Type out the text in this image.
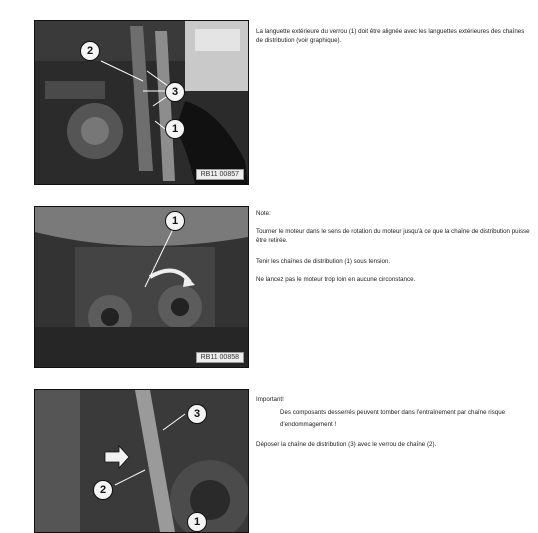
2
3
1
RB11 00857

La languette extérieure du verrou (1) doit être alignée avec les languettes extérieures des chaînes de distribution (voir graphique).

1
RB11 00858

Note:

Tourner le moteur dans le sens de rotation du moteur jusqu'à ce que la chaîne de distribution puisse être retirée.

Tenir les chaînes de distribution (1) sous tension.

Ne lancez pas le moteur trop loin en aucune circonstance.

3
2
1

Important!

Des composants desserrés peuvent tomber dans l'entraînement par chaîne risque d'endommagement !

Déposer la chaîne de distribution (3) avec le verrou de chaîne (2).
